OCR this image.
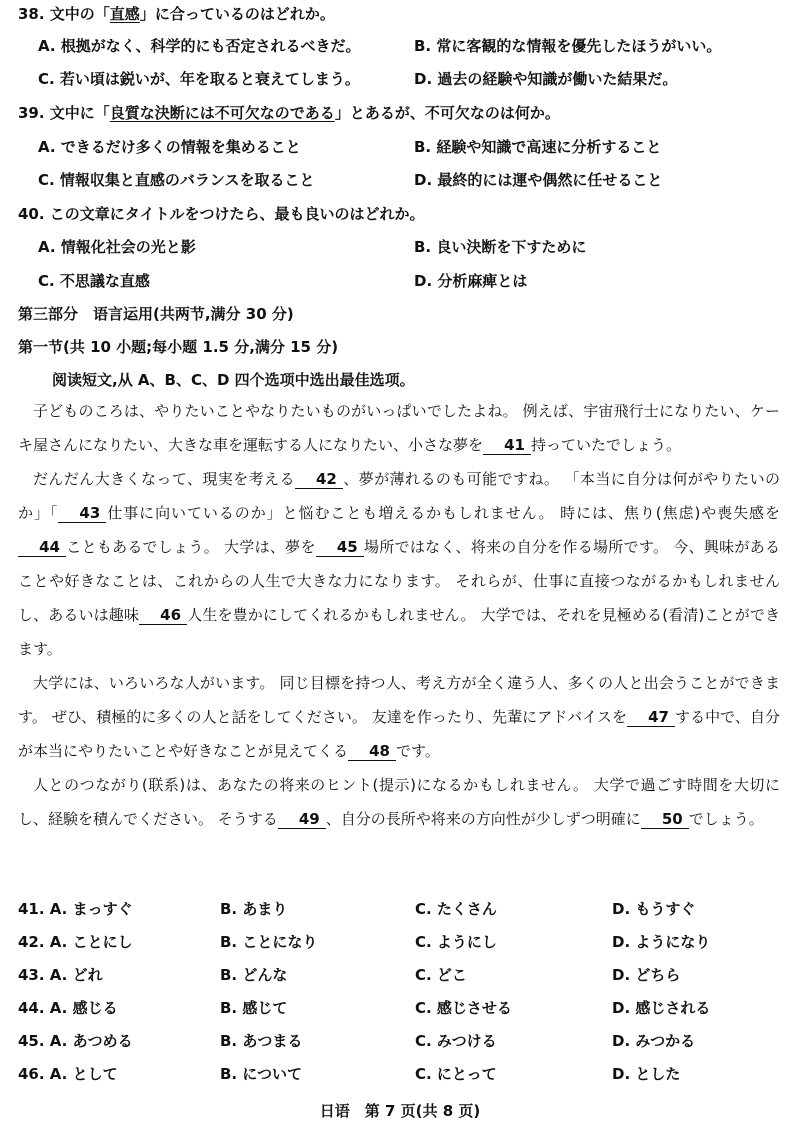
38. 文中の「直感」に合っているのはどれか。
A. 根拠がなく、科学的にも否定されるべきだ。	B. 常に客観的な情報を優先したほうがいい。
C. 若い頃は鋭いが、年を取ると衰えてしまう。	D. 過去の経験や知識が働いた結果だ。
39. 文中に「良質な決断には不可欠なのである」とあるが、不可欠なのは何か。
A. できるだけ多くの情報を集めること	B. 経験や知識で高速に分析すること
C. 情報収集と直感のバランスを取ること	D. 最終的には運や偶然に任せること
40. この文章にタイトルをつけたら、最も良いのはどれか。
A. 情報化社会の光と影	B. 良い決断を下すために
C. 不思議な直感	D. 分析麻痺とは
第三部分　语言运用(共两节,满分 30 分)
第一节(共 10 小题;每小题 1.5 分,满分 15 分)
阅读短文,从 A、B、C、D 四个选项中选出最佳选项。

子どものころは、やりたいことやなりたいものがいっぱいでしたよね。 例えば、宇宙飛行士になりたい、ケーキ屋さんになりたい、大きな車を運転する人になりたい、小さな夢を 41 持っていたでしょう。

だんだん大きくなって、現実を考える 42 、夢が薄れるのも可能ですね。 「本当に自分は何がやりたいのか」「 43 仕事に向いているのか」と悩むことも増えるかもしれません。 時には、焦り(焦虑)や喪失感を44 こともあるでしょう。 大学は、夢を 45 場所ではなく、将来の自分を作る場所です。 今、興味があることや好きなことは、これからの人生で大きな力になります。 それらが、仕事に直接つながるかもしれませんし、あるいは趣味 46 人生を豊かにしてくれるかもしれません。 大学では、それを見極める(看清)ことができます。

大学には、いろいろな人がいます。 同じ目標を持つ人、考え方が全く違う人、多くの人と出会うことができます。 ぜひ、積極的に多くの人と話をしてください。 友達を作ったり、先輩にアドバイスを 47 する中で、自分が本当にやりたいことや好きなことが見えてくる 48 です。

人とのつながり(联系)は、あなたの将来のヒント(提示)になるかもしれません。 大学で過ごす時間を大切にし、経験を積んでください。 そうする 49 、自分の長所や将来の方向性が少しずつ明確に 50 でしょう。

41. A. まっすぐ	B. あまり	C. たくさん	D. もうすぐ
42. A. ことにし	B. ことになり	C. ようにし	D. ようになり
43. A. どれ	B. どんな	C. どこ	D. どちら
44. A. 感じる	B. 感じて	C. 感じさせる	D. 感じされる
45. A. あつめる	B. あつまる	C. みつける	D. みつかる
46. A. として	B. について	C. にとって	D. とした
日语　第 7 页(共 8 页)
